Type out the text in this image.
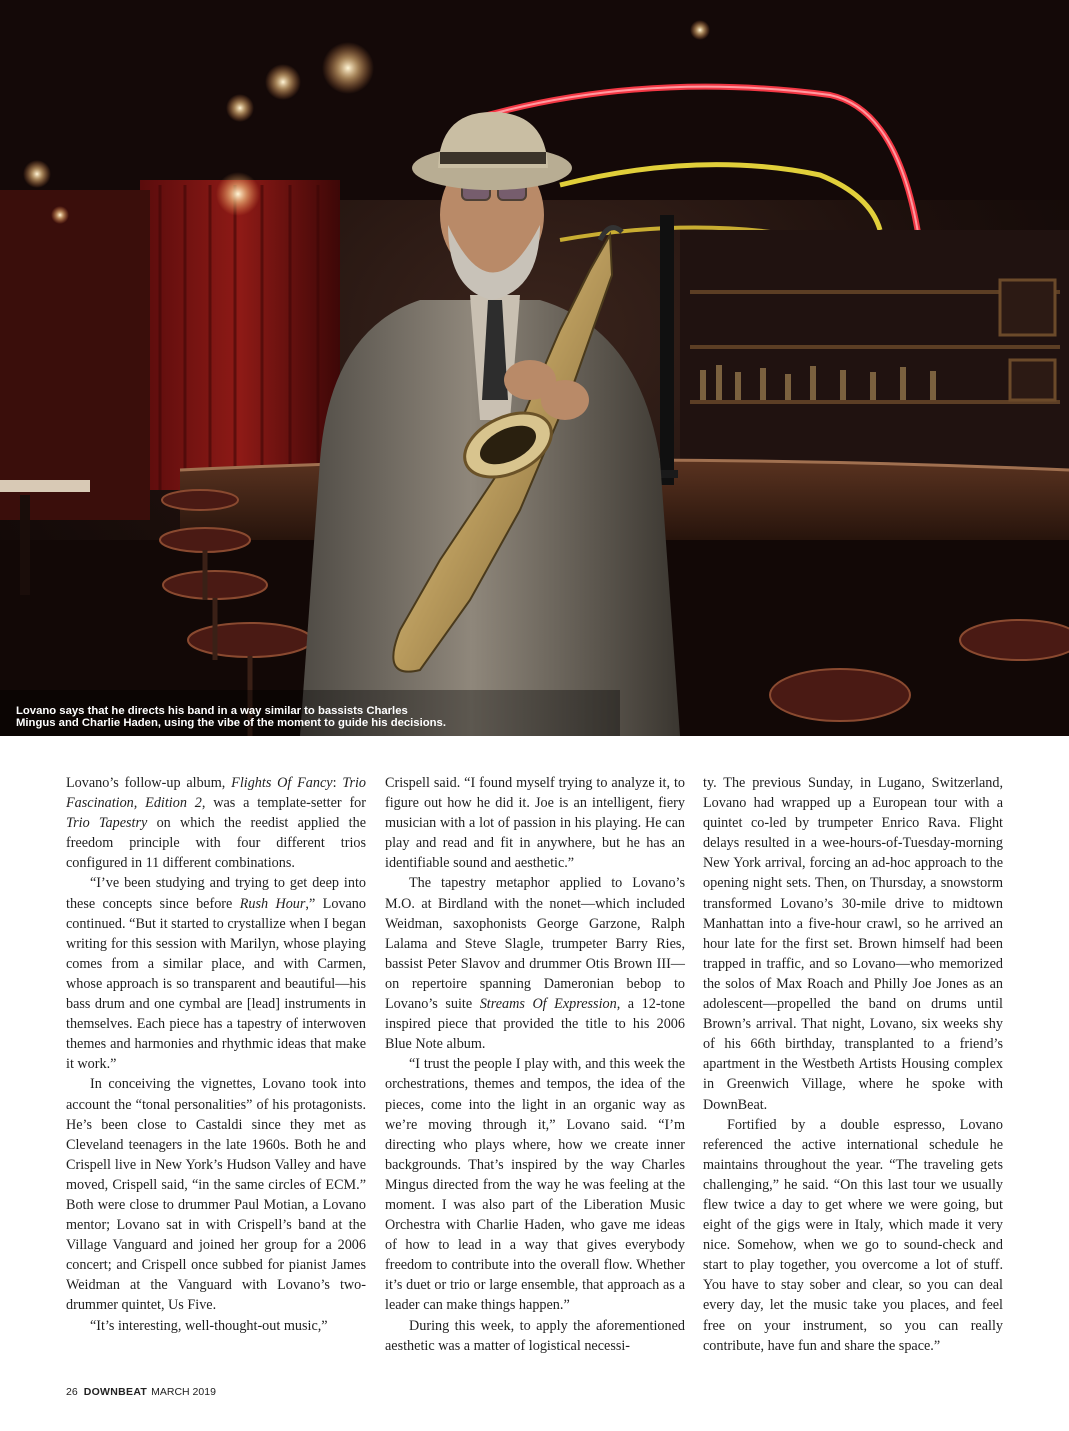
Lovano says that he directs his band in a way similar to bassists Charles
Mingus and Charlie Haden, using the vibe of the moment to guide his decisions.

Lovano’s follow-up album, Flights Of Fancy: Trio Fascination, Edition 2, was a template-setter for Trio Tapestry on which the reedist applied the freedom principle with four different trios configured in 11 different combinations.

“I’ve been studying and trying to get deep into these concepts since before Rush Hour,” Lovano continued. “But it started to crystallize when I began writing for this session with Marilyn, whose playing comes from a similar place, and with Carmen, whose approach is so transparent and beautiful—his bass drum and one cymbal are [lead] instruments in themselves. Each piece has a tapestry of interwoven themes and harmonies and rhythmic ideas that make it work.”

In conceiving the vignettes, Lovano took into account the “tonal personalities” of his protagonists. He’s been close to Castaldi since they met as Cleveland teenagers in the late 1960s. Both he and Crispell live in New York’s Hudson Valley and have moved, Crispell said, “in the same circles of ECM.” Both were close to drummer Paul Motian, a Lovano mentor; Lovano sat in with Crispell’s band at the Village Vanguard and joined her group for a 2006 concert; and Crispell once subbed for pianist James Weidman at the Vanguard with Lovano’s two-drummer quintet, Us Five.

“It’s interesting, well-thought-out music,”

Crispell said. “I found myself trying to analyze it, to figure out how he did it. Joe is an intelligent, fiery musician with a lot of passion in his playing. He can play and read and fit in anywhere, but he has an identifiable sound and aesthetic.”

The tapestry metaphor applied to Lovano’s M.O. at Birdland with the nonet—which included Weidman, saxophonists George Garzone, Ralph Lalama and Steve Slagle, trumpeter Barry Ries, bassist Peter Slavov and drummer Otis Brown III—on repertoire spanning Dameronian bebop to Lovano’s suite Streams Of Expression, a 12-tone inspired piece that provided the title to his 2006 Blue Note album.

“I trust the people I play with, and this week the orchestrations, themes and tempos, the idea of the pieces, come into the light in an organic way as we’re moving through it,” Lovano said. “I’m directing who plays where, how we create inner backgrounds. That’s inspired by the way Charles Mingus directed from the way he was feeling at the moment. I was also part of the Liberation Music Orchestra with Charlie Haden, who gave me ideas of how to lead in a way that gives everybody freedom to contribute into the overall flow. Whether it’s duet or trio or large ensemble, that approach as a leader can make things happen.”

During this week, to apply the aforementioned aesthetic was a matter of logistical necessi-

ty. The previous Sunday, in Lugano, Switzerland, Lovano had wrapped up a European tour with a quintet co-led by trumpeter Enrico Rava. Flight delays resulted in a wee-hours-of-Tuesday-morning New York arrival, forcing an ad-hoc approach to the opening night sets. Then, on Thursday, a snowstorm transformed Lovano’s 30-mile drive to midtown Manhattan into a five-hour crawl, so he arrived an hour late for the first set. Brown himself had been trapped in traffic, and so Lovano—who memorized the solos of Max Roach and Philly Joe Jones as an adolescent—propelled the band on drums until Brown’s arrival. That night, Lovano, six weeks shy of his 66th birthday, transplanted to a friend’s apartment in the Westbeth Artists Housing complex in Greenwich Village, where he spoke with DownBeat.

Fortified by a double espresso, Lovano referenced the active international schedule he maintains throughout the year. “The traveling gets challenging,” he said. “On this last tour we usually flew twice a day to get where we were going, but eight of the gigs were in Italy, which made it very nice. Somehow, when we go to sound-check and start to play together, you overcome a lot of stuff. You have to stay sober and clear, so you can deal every day, let the music take you places, and feel free on your instrument, so you can really contribute, have fun and share the space.”

26 DOWNBEAT MARCH 2019
